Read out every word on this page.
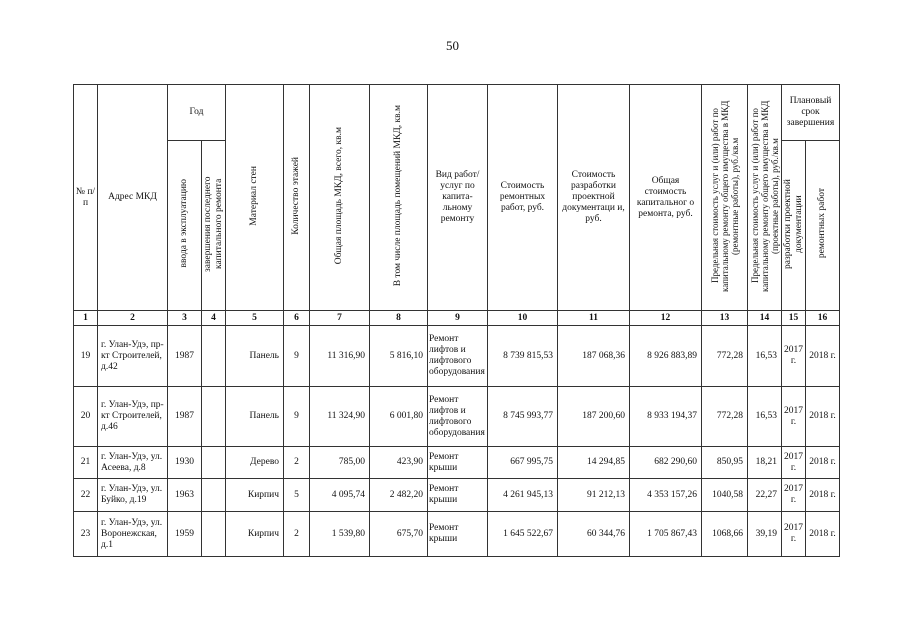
50
№ п/п	Адрес МКД	Год		Материал стен	Количество этажей	Общая площадь МКД, всего, кв.м	В том числе площадь помещений МКД, кв.м	Вид работ/ услуг по капита- льному ремонту	Стоимость ремонтных работ, руб.	Стоимость разработки проектной документаци и, руб.	Общая стоимость капитальног о ремонта, руб.	Предельная стоимость услуг и (или) работ по капитальному ремонту общего имущества в МКД (ремонтные работы), руб./кв.м	Предельная стоимость услуг и (или) работ по капитальному ремонту общего имущества в МКД (проектные работы), руб./кв.м	Плановый срок завершения	
		ввода в эксплуатацию	завершения последнего капитального ремонта											разработки проектной документации	ремонтных работ
1	2	3	4	5	6	7	8	9	10	11	12	13	14	15	16
19	г. Улан-Удэ, пр-кт Строителей, д.42	1987		Панель	9	11 316,90	5 816,10	Ремонт лифтов и лифтового оборудования	8 739 815,53	187 068,36	8 926 883,89	772,28	16,53	2017 г.	2018 г.
20	г. Улан-Удэ, пр-кт Строителей, д.46	1987		Панель	9	11 324,90	6 001,80	Ремонт лифтов и лифтового оборудования	8 745 993,77	187 200,60	8 933 194,37	772,28	16,53	2017 г.	2018 г.
21	г. Улан-Удэ, ул. Асеева, д.8	1930		Дерево	2	785,00	423,90	Ремонт крыши	667 995,75	14 294,85	682 290,60	850,95	18,21	2017 г.	2018 г.
22	г. Улан-Удэ, ул. Буйко, д.19	1963		Кирпич	5	4 095,74	2 482,20	Ремонт крыши	4 261 945,13	91 212,13	4 353 157,26	1040,58	22,27	2017 г.	2018 г.
23	г. Улан-Удэ, ул. Воронежская, д.1	1959		Кирпич	2	1 539,80	675,70	Ремонт крыши	1 645 522,67	60 344,76	1 705 867,43	1068,66	39,19	2017 г.	2018 г.
